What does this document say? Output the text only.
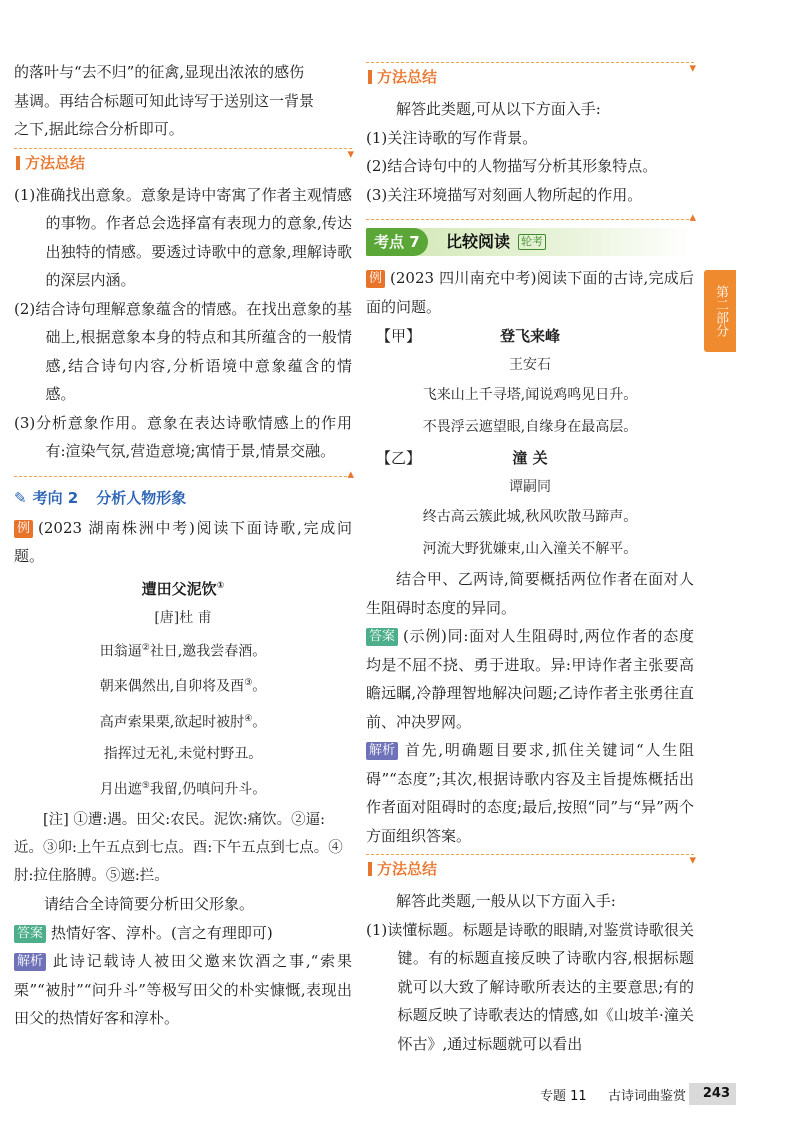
第二部分

的落叶与“去不归”的征禽,显现出浓浓的感伤

基调。再结合标题可知此诗写于送别这一背景

之下,据此综合分析即可。

方法总结	▾

(1)准确找出意象。意象是诗中寄寓了作者主观情感的事物。作者总会选择富有表现力的意象,传达出独特的情感。要透过诗歌中的意象,理解诗歌的深层内涵。

(2)结合诗句理解意象蕴含的情感。在找出意象的基础上,根据意象本身的特点和其所蕴含的一般情感,结合诗句内容,分析语境中意象蕴含的情感。

(3)分析意象作用。意象在表达诗歌情感上的作用有:渲染气氛,营造意境;寓情于景,情景交融。

▴
✎ 考向 2 分析人物形象

例 (2023 湖南株洲中考)阅读下面诗歌,完成问题。

遭田父泥饮①
[唐]杜 甫
田翁逼②社日,邀我尝春酒。
朝来偶然出,自卯将及酉③。
高声索果栗,欲起时被肘④。
指挥过无礼,未觉村野丑。
月出遮⑤我留,仍嗔问升斗。

[注] ①遭:遇。田父:农民。泥饮:痛饮。②逼:近。③卯:上午五点到七点。酉:下午五点到七点。④肘:拉住胳膊。⑤遮:拦。

请结合全诗简要分析田父形象。

答案 热情好客、淳朴。(言之有理即可)

解析 此诗记载诗人被田父邀来饮酒之事,“索果栗”“被肘”“问升斗”等极写田父的朴实慷慨,表现出田父的热情好客和淳朴。

方法总结	▾

解答此类题,可从以下方面入手:

(1)关注诗歌的写作背景。

(2)结合诗句中的人物描写分析其形象特点。

(3)关注环境描写对刻画人物所起的作用。

▴
考点 7	比较阅读 轮考

例 (2023 四川南充中考)阅读下面的古诗,完成后面的问题。

【甲】	登飞来峰
王安石
飞来山上千寻塔,闻说鸡鸣见日升。
不畏浮云遮望眼,自缘身在最高层。
【乙】	潼 关
谭嗣同
终古高云簇此城,秋风吹散马蹄声。
河流大野犹嫌束,山入潼关不解平。

结合甲、乙两诗,简要概括两位作者在面对人生阻碍时态度的异同。

答案 (示例)同:面对人生阻碍时,两位作者的态度均是不屈不挠、勇于进取。异:甲诗作者主张要高瞻远瞩,冷静理智地解决问题;乙诗作者主张勇往直前、冲决罗网。

解析 首先,明确题目要求,抓住关键词“人生阻碍”“态度”;其次,根据诗歌内容及主旨提炼概括出作者面对阻碍时的态度;最后,按照“同”与“异”两个方面组织答案。

方法总结	▾

解答此类题,一般从以下方面入手:

(1)读懂标题。标题是诗歌的眼睛,对鉴赏诗歌很关键。有的标题直接反映了诗歌内容,根据标题就可以大致了解诗歌所表达的主要意思;有的标题反映了诗歌表达的情感,如《山坡羊·潼关怀古》,通过标题就可以看出

专题 11 古诗词曲鉴赏	243
